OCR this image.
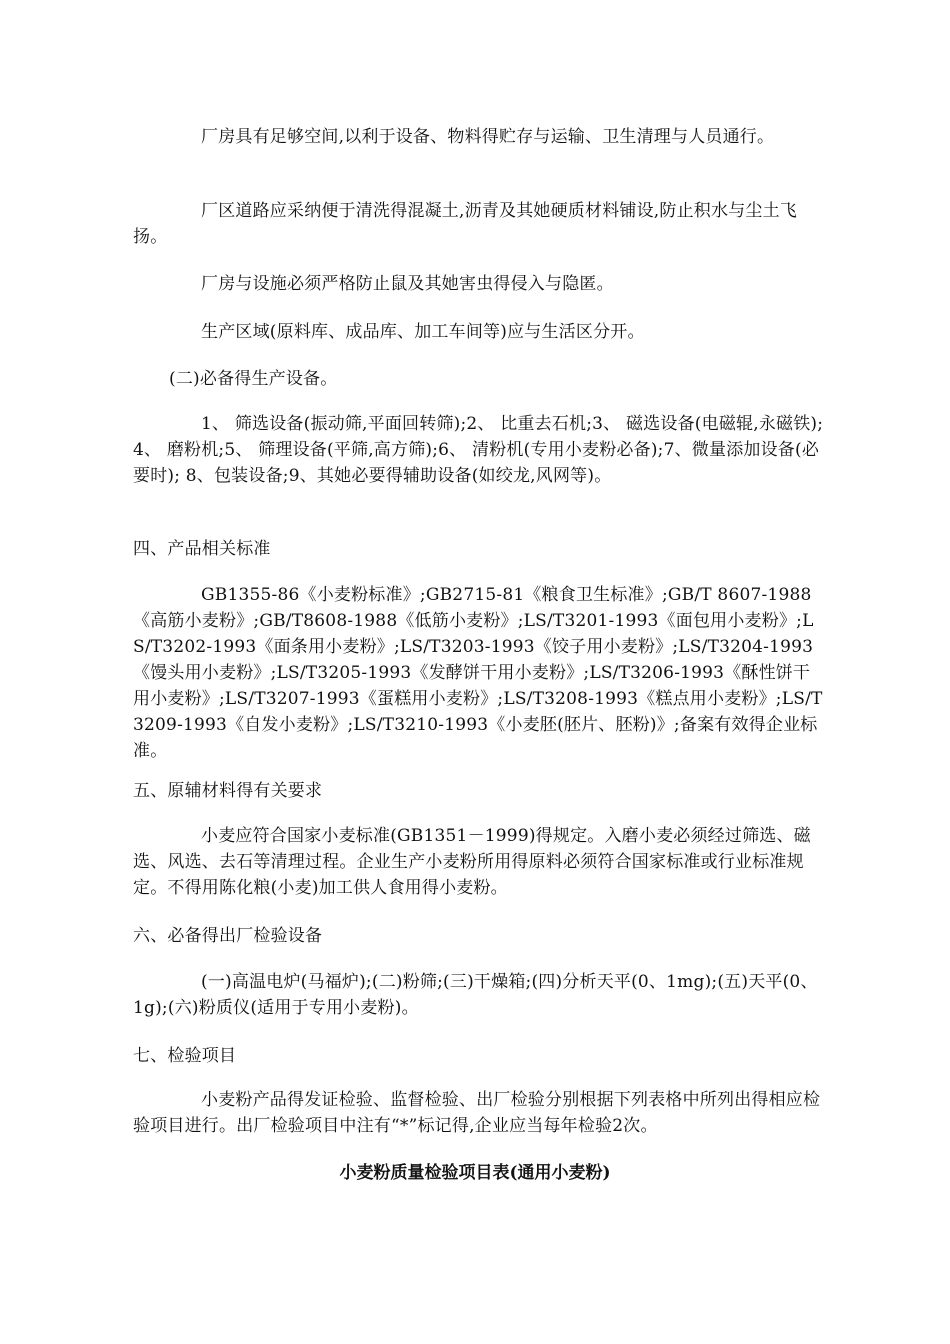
厂房具有足够空间,以利于设备、物料得贮存与运输、卫生清理与人员通行。

厂区道路应采纳便于清洗得混凝土,沥青及其她硬质材料铺设,防止积水与尘土飞扬。

厂房与设施必须严格防止鼠及其她害虫得侵入与隐匿。

生产区域(原料库、成品库、加工车间等)应与生活区分开。

(二)必备得生产设备。

1、 筛选设备(振动筛,平面回转筛);2、 比重去石机;3、 磁选设备(电磁辊,永磁铁);4、 磨粉机;5、 筛理设备(平筛,高方筛);6、 清粉机(专用小麦粉必备);7、微量添加设备(必要时); 8、包装设备;9、其她必要得辅助设备(如绞龙,风网等)。

四、产品相关标准

GB1355-86《小麦粉标准》;GB2715-81《粮食卫生标准》;GB/T 8607-1988《高筋小麦粉》;GB/T8608-1988《低筋小麦粉》;LS/T3201-1993《面包用小麦粉》;LS/T3202-1993《面条用小麦粉》;LS/T3203-1993《饺子用小麦粉》;LS/T3204-1993《馒头用小麦粉》;LS/T3205-1993《发酵饼干用小麦粉》;LS/T3206-1993《酥性饼干用小麦粉》;LS/T3207-1993《蛋糕用小麦粉》;LS/T3208-1993《糕点用小麦粉》;LS/T3209-1993《自发小麦粉》;LS/T3210-1993《小麦胚(胚片、胚粉)》;备案有效得企业标准。

五、原辅材料得有关要求

小麦应符合国家小麦标准(GB1351－1999)得规定。入磨小麦必须经过筛选、磁选、风选、去石等清理过程。企业生产小麦粉所用得原料必须符合国家标准或行业标准规定。不得用陈化粮(小麦)加工供人食用得小麦粉。

六、必备得出厂检验设备

(一)高温电炉(马福炉);(二)粉筛;(三)干燥箱;(四)分析天平(0、1mg);(五)天平(0、1g);(六)粉质仪(适用于专用小麦粉)。

七、检验项目

小麦粉产品得发证检验、监督检验、出厂检验分别根据下列表格中所列出得相应检验项目进行。出厂检验项目中注有“*”标记得,企业应当每年检验2次。

小麦粉质量检验项目表(通用小麦粉)
